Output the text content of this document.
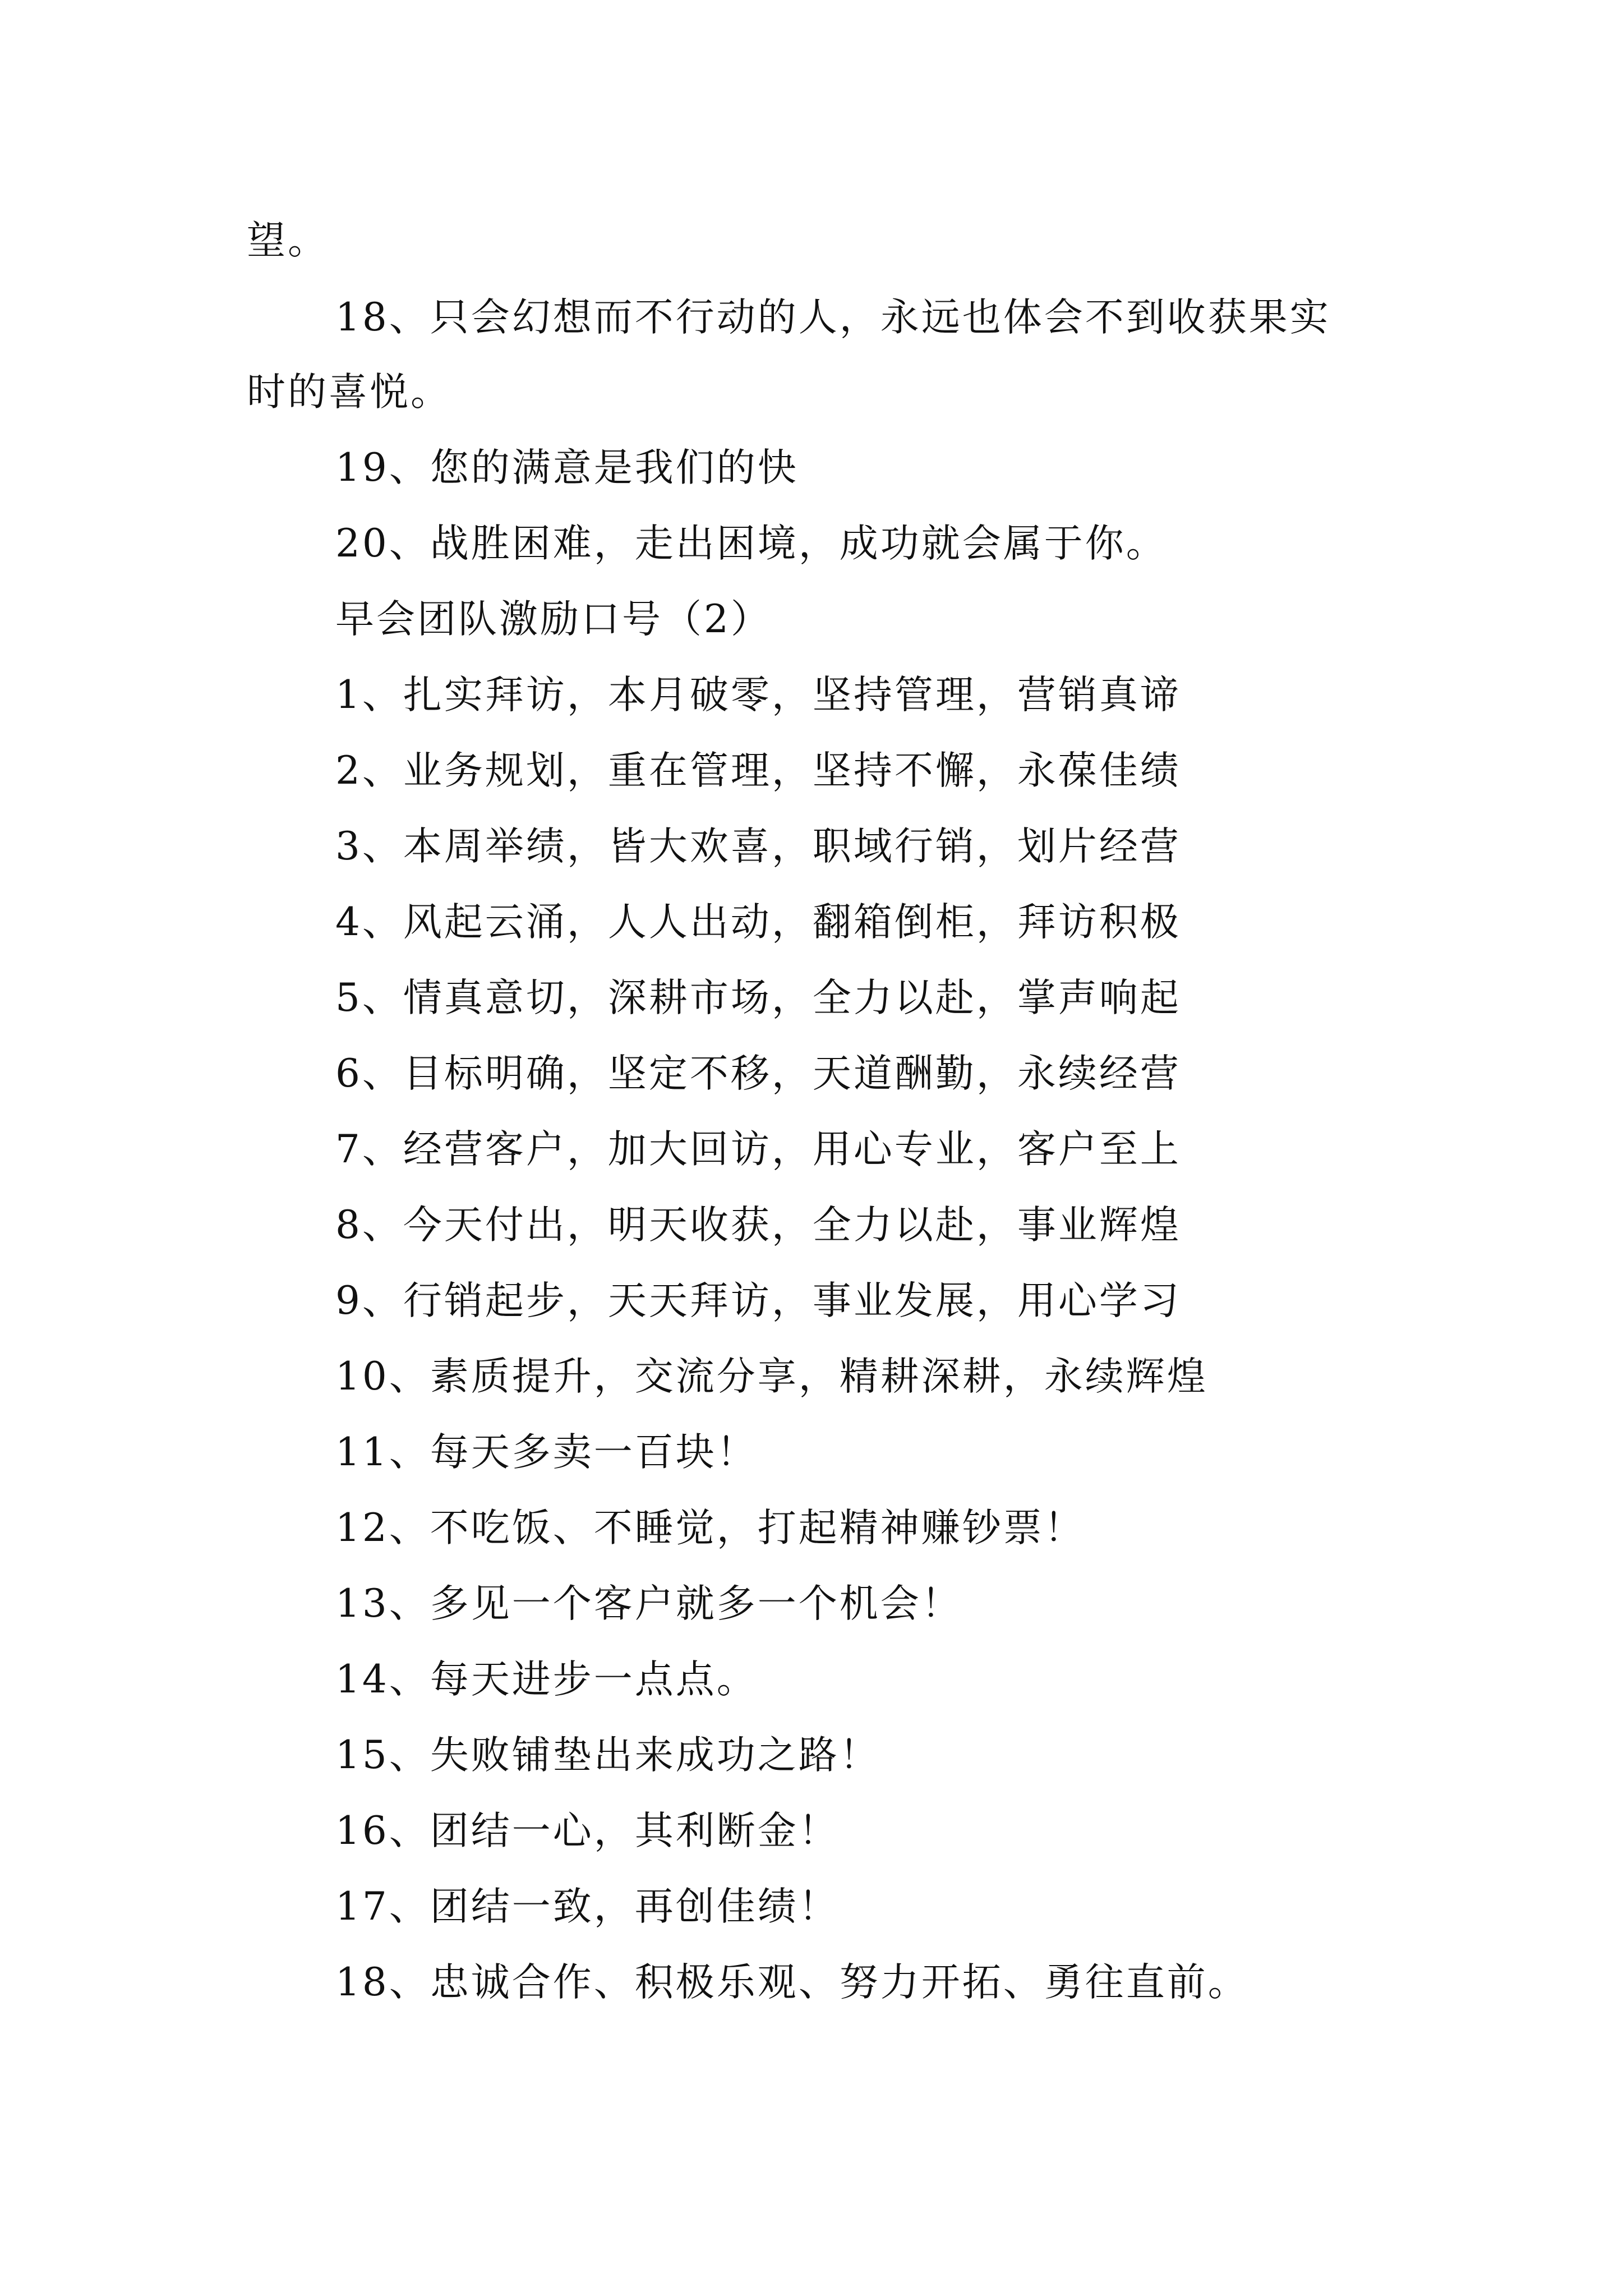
望。
18、只会幻想而不行动的人，永远也体会不到收获果实
时的喜悦。
19、您的满意是我们的快
20、战胜困难，走出困境，成功就会属于你。
早会团队激励口号（2）
1、扎实拜访，本月破零，坚持管理，营销真谛
2、业务规划，重在管理，坚持不懈，永葆佳绩
3、本周举绩，皆大欢喜，职域行销，划片经营
4、风起云涌，人人出动，翻箱倒柜，拜访积极
5、情真意切，深耕市场，全力以赴，掌声响起
6、目标明确，坚定不移，天道酬勤，永续经营
7、经营客户，加大回访，用心专业，客户至上
8、今天付出，明天收获，全力以赴，事业辉煌
9、行销起步，天天拜访，事业发展，用心学习
10、素质提升，交流分享，精耕深耕，永续辉煌
11、每天多卖一百块！
12、不吃饭、不睡觉，打起精神赚钞票！
13、多见一个客户就多一个机会！
14、每天进步一点点。
15、失败铺垫出来成功之路！
16、团结一心，其利断金！
17、团结一致，再创佳绩！
18、忠诚合作、积极乐观、努力开拓、勇往直前。
